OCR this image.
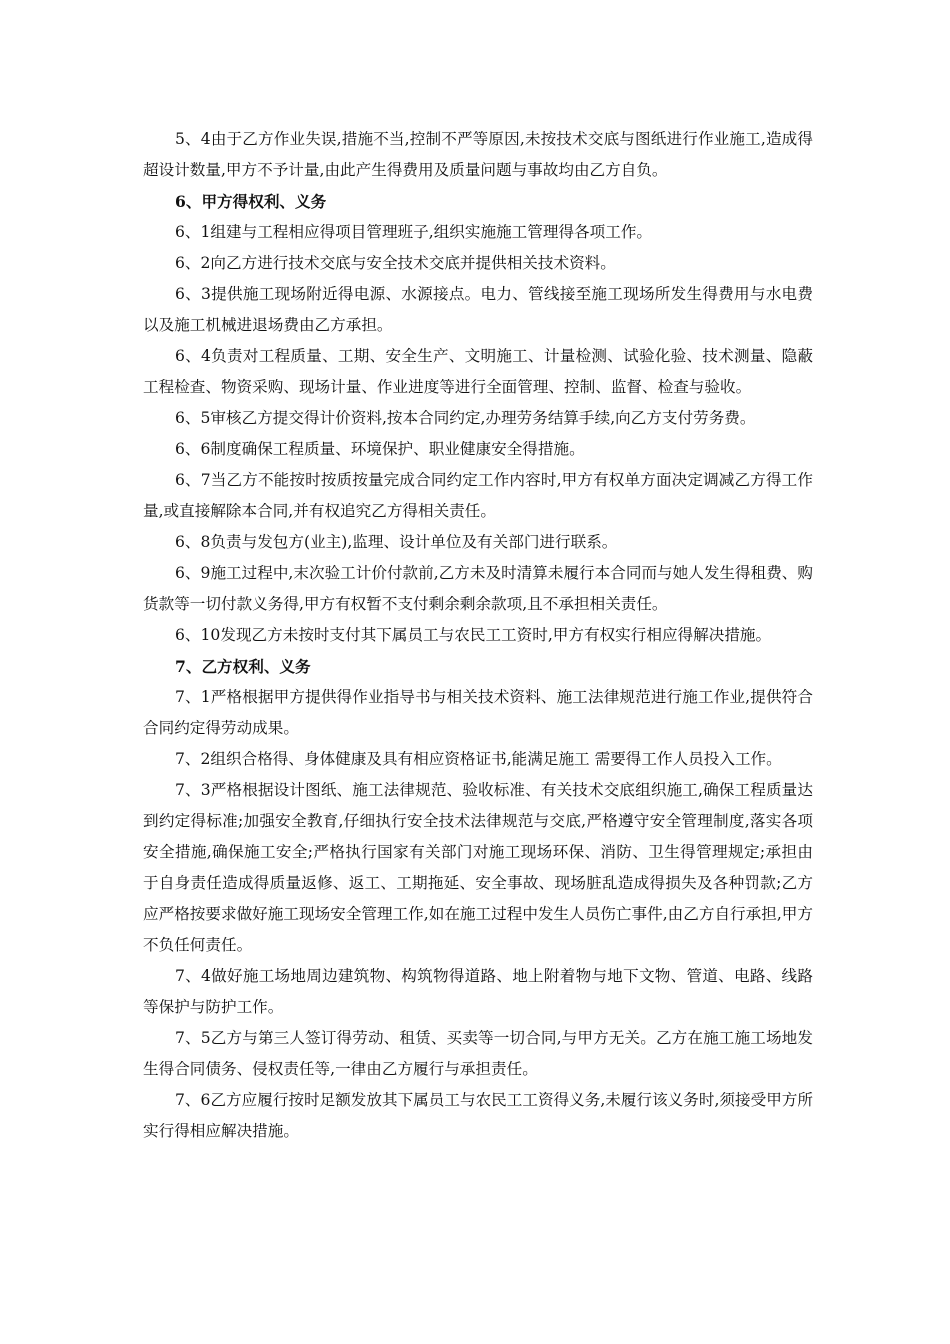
5、4由于乙方作业失误,措施不当,控制不严等原因,未按技术交底与图纸进行作业施工,造成得超设计数量,甲方不予计量,由此产生得费用及质量问题与事故均由乙方自负。

6、甲方得权利、义务

6、1组建与工程相应得项目管理班子,组织实施施工管理得各项工作。

6、2向乙方进行技术交底与安全技术交底并提供相关技术资料。

6、3提供施工现场附近得电源、水源接点。电力、管线接至施工现场所发生得费用与水电费以及施工机械进退场费由乙方承担。

6、4负责对工程质量、工期、安全生产、文明施工、计量检测、试验化验、技术测量、隐蔽工程检查、物资采购、现场计量、作业进度等进行全面管理、控制、监督、检查与验收。

6、5审核乙方提交得计价资料,按本合同约定,办理劳务结算手续,向乙方支付劳务费。

6、6制度确保工程质量、环境保护、职业健康安全得措施。

6、7当乙方不能按时按质按量完成合同约定工作内容时,甲方有权单方面决定调减乙方得工作量,或直接解除本合同,并有权追究乙方得相关责任。

6、8负责与发包方(业主),监理、设计单位及有关部门进行联系。

6、9施工过程中,末次验工计价付款前,乙方未及时清算未履行本合同而与她人发生得租费、购货款等一切付款义务得,甲方有权暂不支付剩余剩余款项,且不承担相关责任。

6、10发现乙方未按时支付其下属员工与农民工工资时,甲方有权实行相应得解决措施。

7、乙方权利、义务

7、1严格根据甲方提供得作业指导书与相关技术资料、施工法律规范进行施工作业,提供符合合同约定得劳动成果。

7、2组织合格得、身体健康及具有相应资格证书,能满足施工 需要得工作人员投入工作。

7、3严格根据设计图纸、施工法律规范、验收标准、有关技术交底组织施工,确保工程质量达到约定得标准;加强安全教育,仔细执行安全技术法律规范与交底,严格遵守安全管理制度,落实各项安全措施,确保施工安全;严格执行国家有关部门对施工现场环保、消防、卫生得管理规定;承担由于自身责任造成得质量返修、返工、工期拖延、安全事故、现场脏乱造成得损失及各种罚款;乙方应严格按要求做好施工现场安全管理工作,如在施工过程中发生人员伤亡事件,由乙方自行承担,甲方不负任何责任。

7、4做好施工场地周边建筑物、构筑物得道路、地上附着物与地下文物、管道、电路、线路等保护与防护工作。

7、5乙方与第三人签订得劳动、租赁、买卖等一切合同,与甲方无关。乙方在施工施工场地发生得合同债务、侵权责任等,一律由乙方履行与承担责任。

7、6乙方应履行按时足额发放其下属员工与农民工工资得义务,未履行该义务时,须接受甲方所实行得相应解决措施。
